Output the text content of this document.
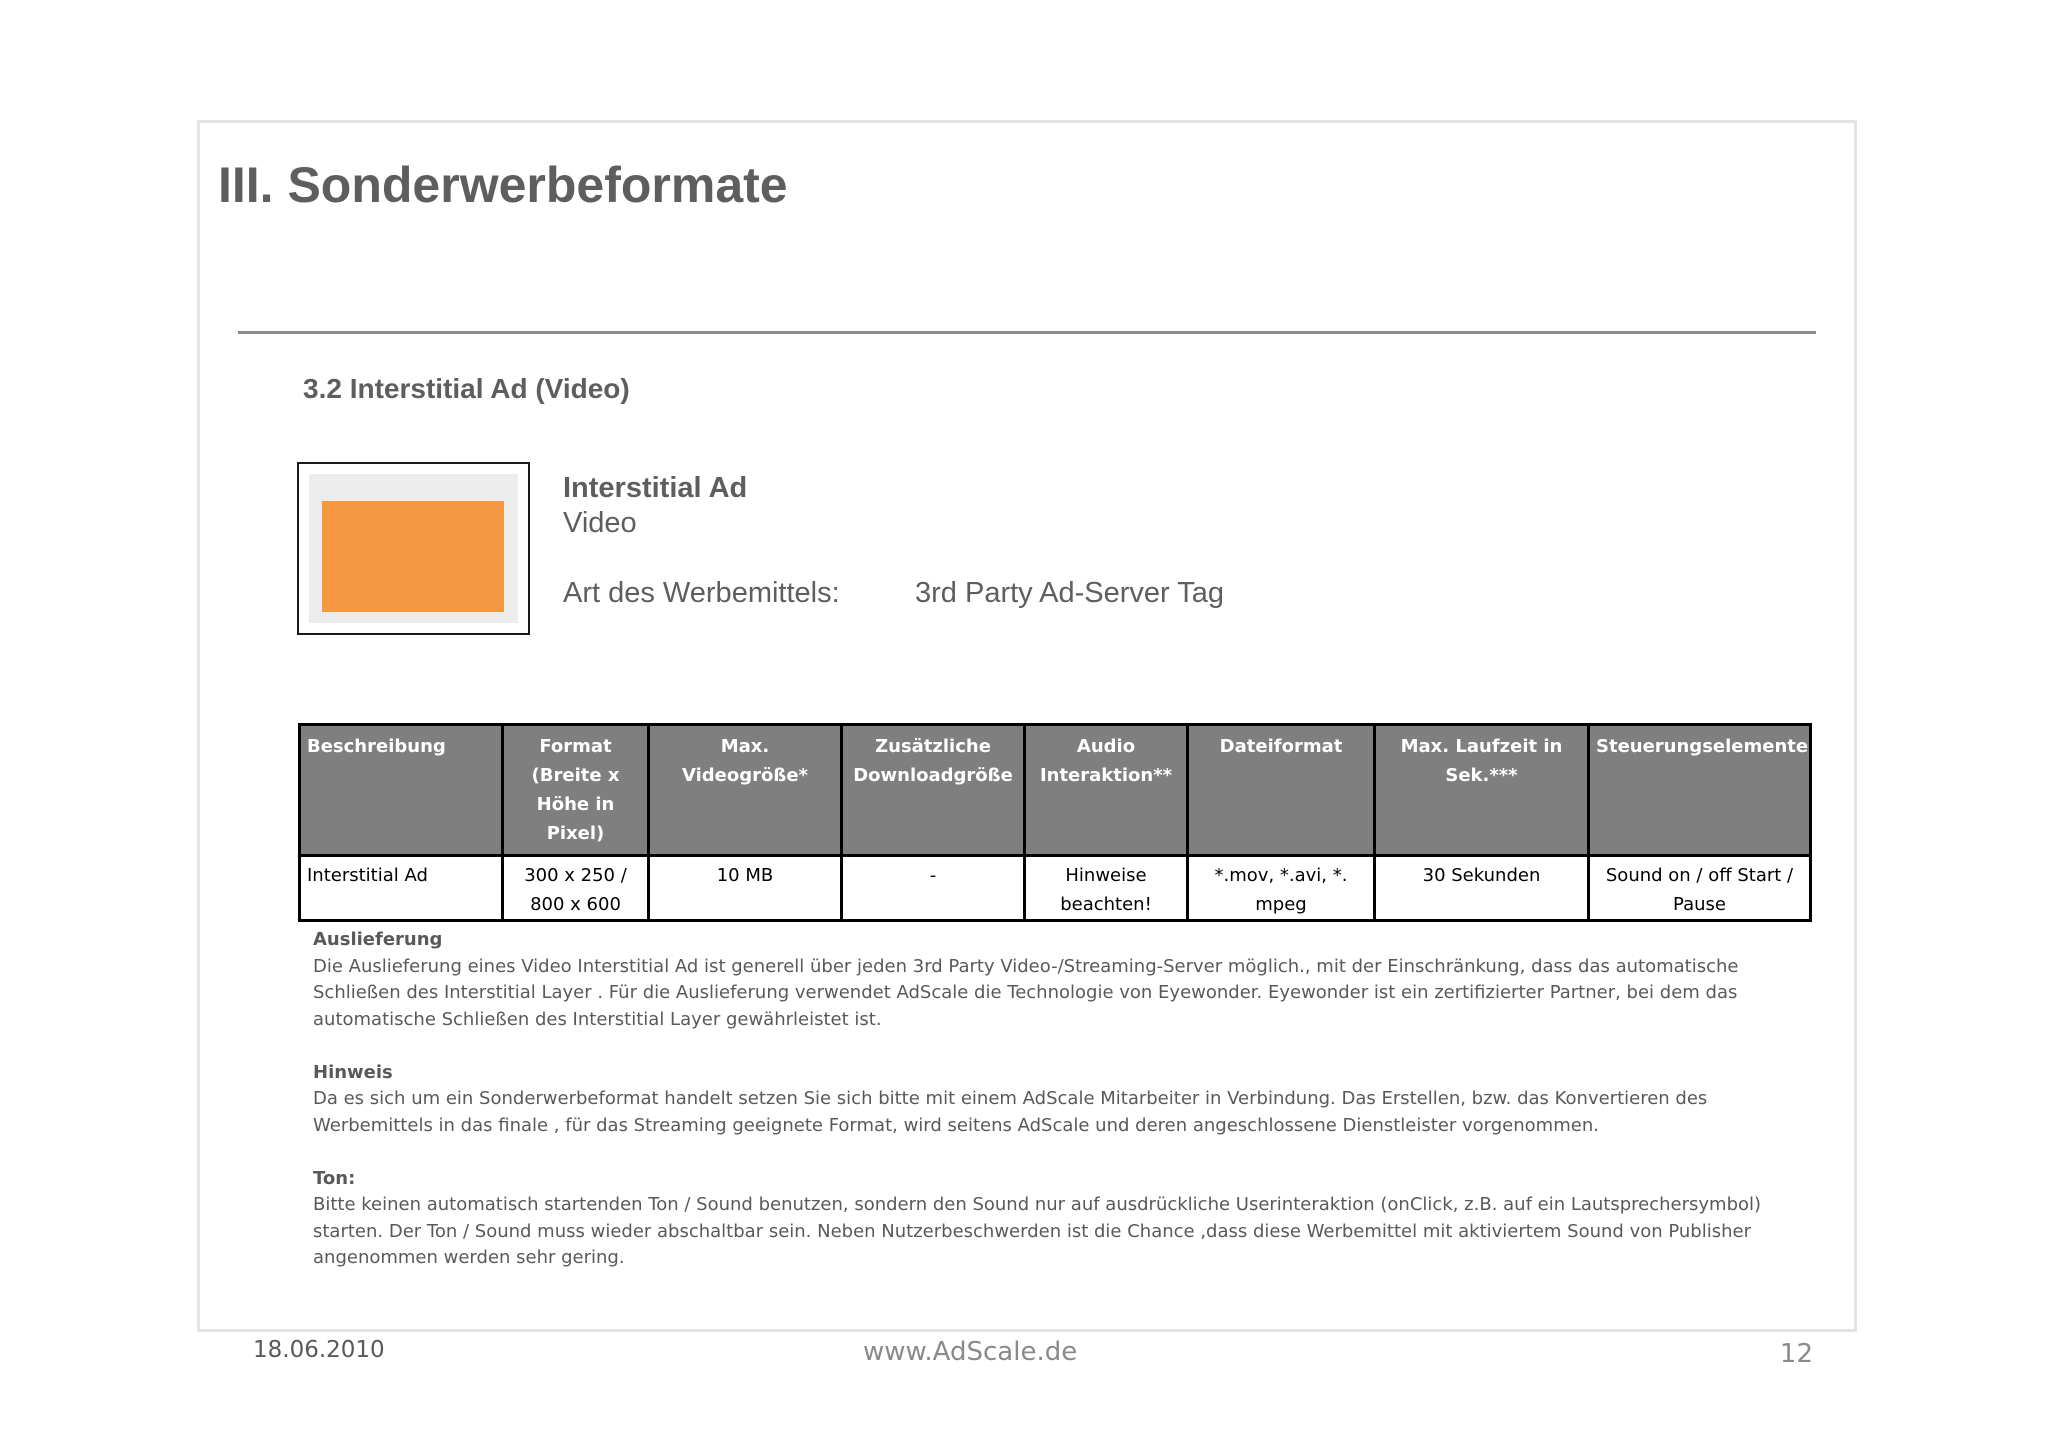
III. Sonderwerbeformate
3.2 Interstitial Ad (Video)
Interstitial Ad
Video
Art des Werbemittels:	3rd Party Ad-Server Tag
Beschreibung	Format (Breite x Höhe in Pixel)	Max. Videogröße*	Zusätzliche Downloadgröße	Audio Interaktion**	Dateiformat	Max. Laufzeit in Sek.***	Steuerungselemente
Interstitial Ad	300 x 250 / 800 x 600	10 MB	-	Hinweise beachten!	*.mov, *.avi, *. mpeg	30 Sekunden	Sound on / off Start / Pause
Auslieferung
Die Auslieferung eines Video Interstitial Ad ist generell über jeden 3rd Party Video-/Streaming-Server möglich., mit der Einschränkung, dass das automatische Schließen des Interstitial Layer . Für die Auslieferung verwendet AdScale die Technologie von Eyewonder. Eyewonder ist ein zertifizierter Partner, bei dem das automatische Schließen des Interstitial Layer gewährleistet ist.
Hinweis
Da es sich um ein Sonderwerbeformat handelt setzen Sie sich bitte mit einem AdScale Mitarbeiter in Verbindung. Das Erstellen, bzw. das Konvertieren des Werbemittels in das finale , für das Streaming geeignete Format, wird seitens AdScale und deren angeschlossene Dienstleister vorgenommen.
Ton:
Bitte keinen automatisch startenden Ton / Sound benutzen, sondern den Sound nur auf ausdrückliche Userinteraktion (onClick, z.B. auf ein Lautsprechersymbol) starten. Der Ton / Sound muss wieder abschaltbar sein. Neben Nutzerbeschwerden ist die Chance ,dass diese Werbemittel mit aktiviertem Sound von Publisher angenommen werden sehr gering.
18.06.2010	www.AdScale.de	12
